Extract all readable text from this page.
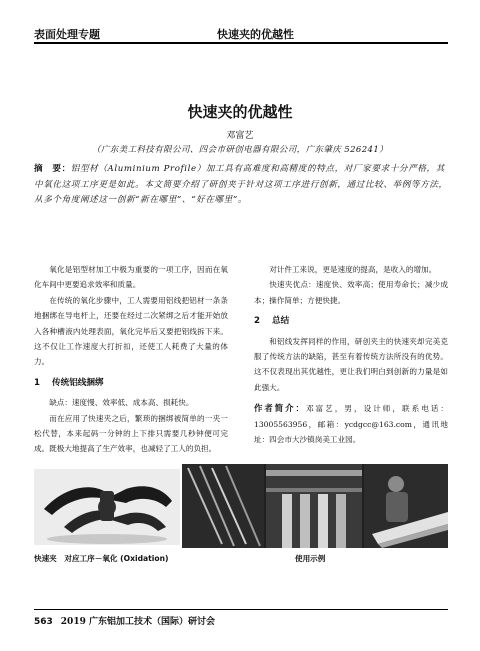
表面处理专题	快速夹的优越性
快速夹的优越性
邓富艺
（广东美工科技有限公司、四会市研创电器有限公司，广东肇庆 526241）
摘　要：铝型材（Aluminium Profile）加工具有高难度和高精度的特点，对厂家要求十分严格，其中氧化这项工序更是如此。本文简要介绍了研创夹于针对这项工序进行创新，通过比较、举例等方法，从多个角度阐述这一创新“新在哪里”、“好在哪里”。

氧化是铝型材加工中极为重要的一项工序，因而在氧化车间中更要追求效率和质量。

在传统的氧化步骤中，工人需要用铝线把铝材一条条地捆绑在导电杆上，还要在经过二次紧绑之后才能开始放入各种槽液内处理表面，氧化完毕后又要把铝线拆下来。这不仅让工作速度大打折扣，还使工人耗费了大量的体力。

1 传统铝线捆绑

缺点：速度慢、效率低、成本高、损耗快。

而在应用了快速夹之后，繁琐的捆绑被简单的一夹一松代替，本来起码一分钟的上下排只需要几秒钟便可完成。既极大地提高了生产效率，也减轻了工人的负担。

对计件工来说，更是速度的提高，是收入的增加。

快速夹优点：速度快、效率高；使用寿命长；减少成本；操作简单；方便快捷。

2 总结

和铝线发挥同样的作用，研创夹主的快速夹却完美克服了传统方法的缺陷，甚至有着传统方法所没有的优势。这不仅表现出其优越性，更让我们明白到创新的力量是如此强大。

作者简介：邓富艺，男，设计师，联系电话：13005563956，邮箱：ycdgcc@163.com，通讯地址：四会市大沙镇岗美工业园。

快速夹　对应工序－氧化 (Oxidation)	使用示例
563 2019 广东铝加工技术（国际）研讨会
